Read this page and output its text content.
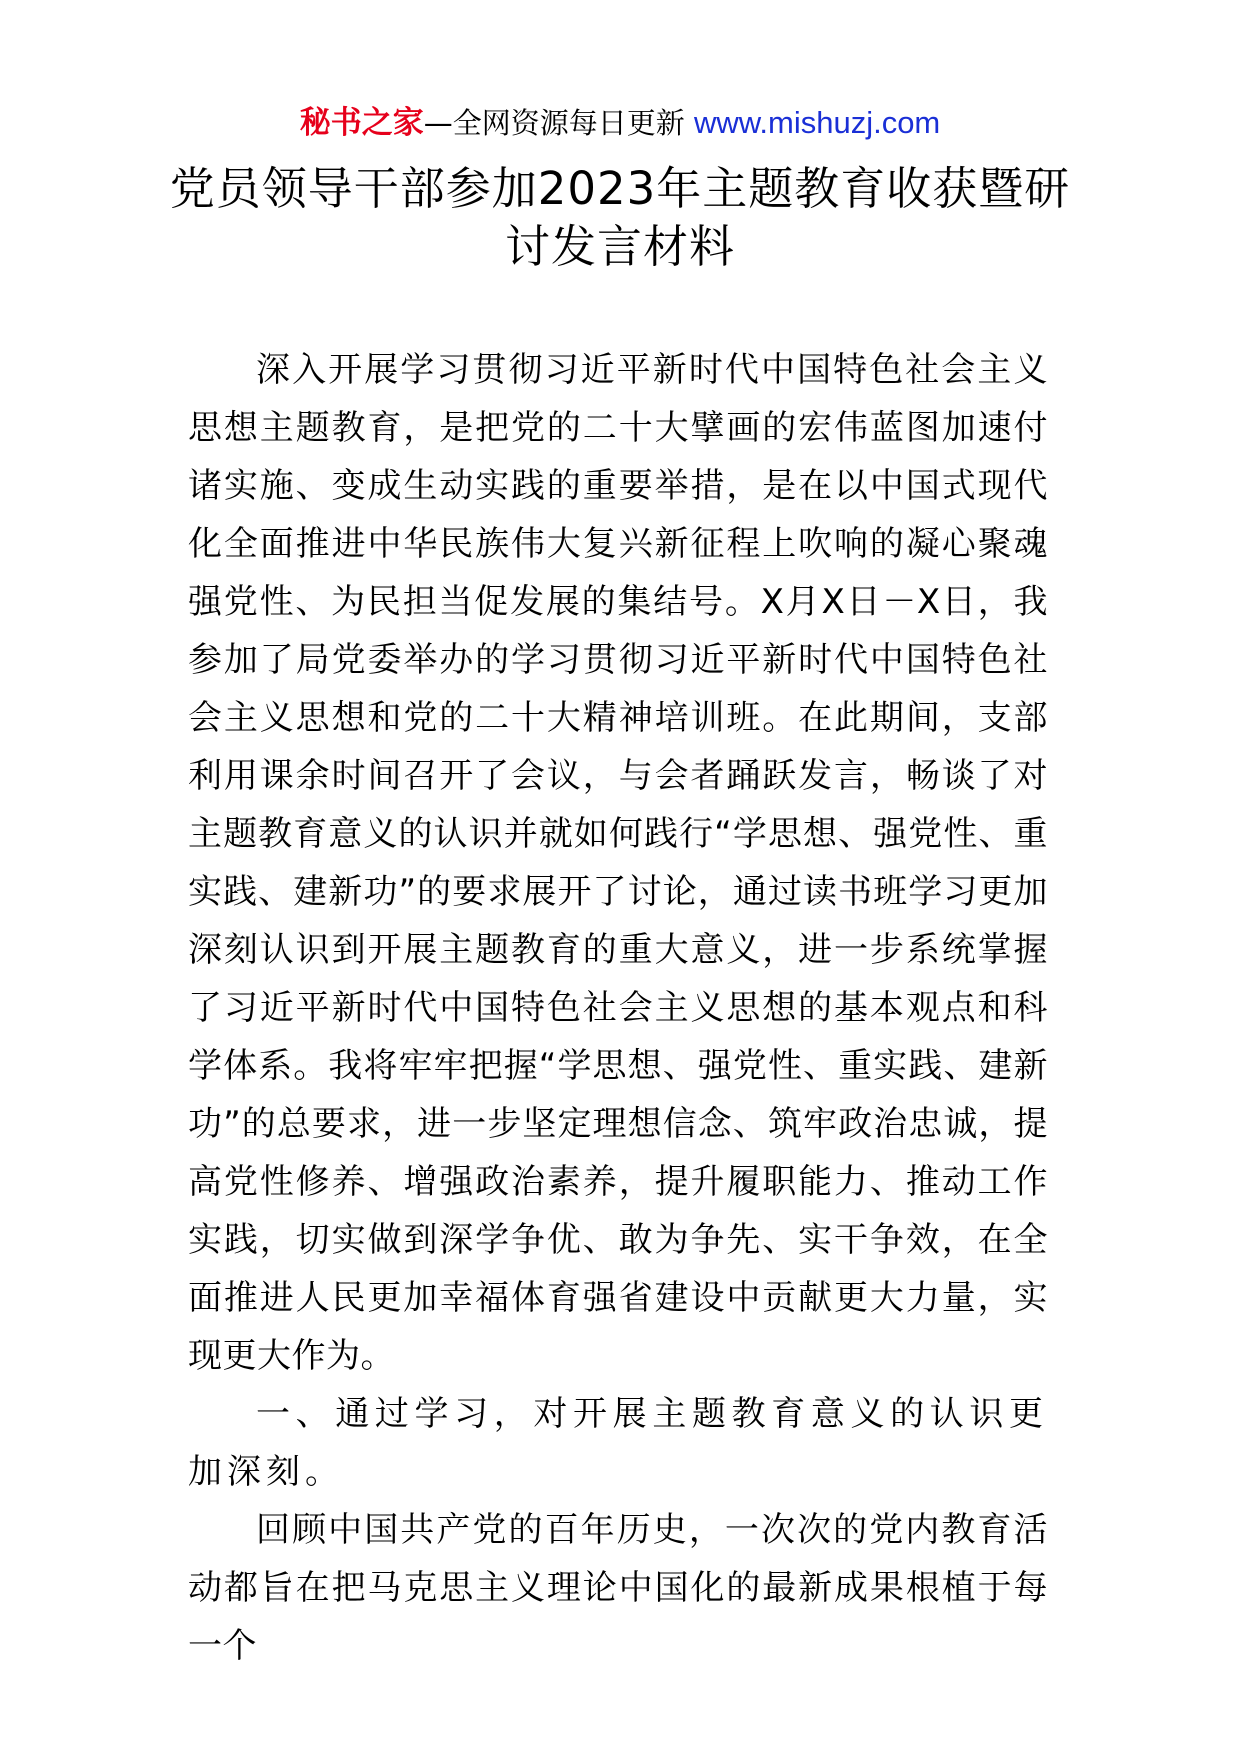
秘书之家—全网资源每日更新 www.mishuzj.com
党员领导干部参加2023年主题教育收获暨研讨发言材料

深入开展学习贯彻习近平新时代中国特色社会主义思想主题教育，是把党的二十大擘画的宏伟蓝图加速付诸实施、变成生动实践的重要举措，是在以中国式现代化全面推进中华民族伟大复兴新征程上吹响的凝心聚魂强党性、为民担当促发展的集结号。X月X日－X日，我参加了局党委举办的学习贯彻习近平新时代中国特色社会主义思想和党的二十大精神培训班。在此期间，支部利用课余时间召开了会议，与会者踊跃发言，畅谈了对主题教育意义的认识并就如何践行“学思想、强党性、重实践、建新功”的要求展开了讨论，通过读书班学习更加深刻认识到开展主题教育的重大意义，进一步系统掌握了习近平新时代中国特色社会主义思想的基本观点和科学体系。我将牢牢把握“学思想、强党性、重实践、建新功”的总要求，进一步坚定理想信念、筑牢政治忠诚，提高党性修养、增强政治素养，提升履职能力、推动工作实践，切实做到深学争优、敢为争先、实干争效，在全面推进人民更加幸福体育强省建设中贡献更大力量，实现更大作为。

一、通过学习，对开展主题教育意义的认识更加深刻。

回顾中国共产党的百年历史，一次次的党内教育活动都旨在把马克思主义理论中国化的最新成果根植于每一个
